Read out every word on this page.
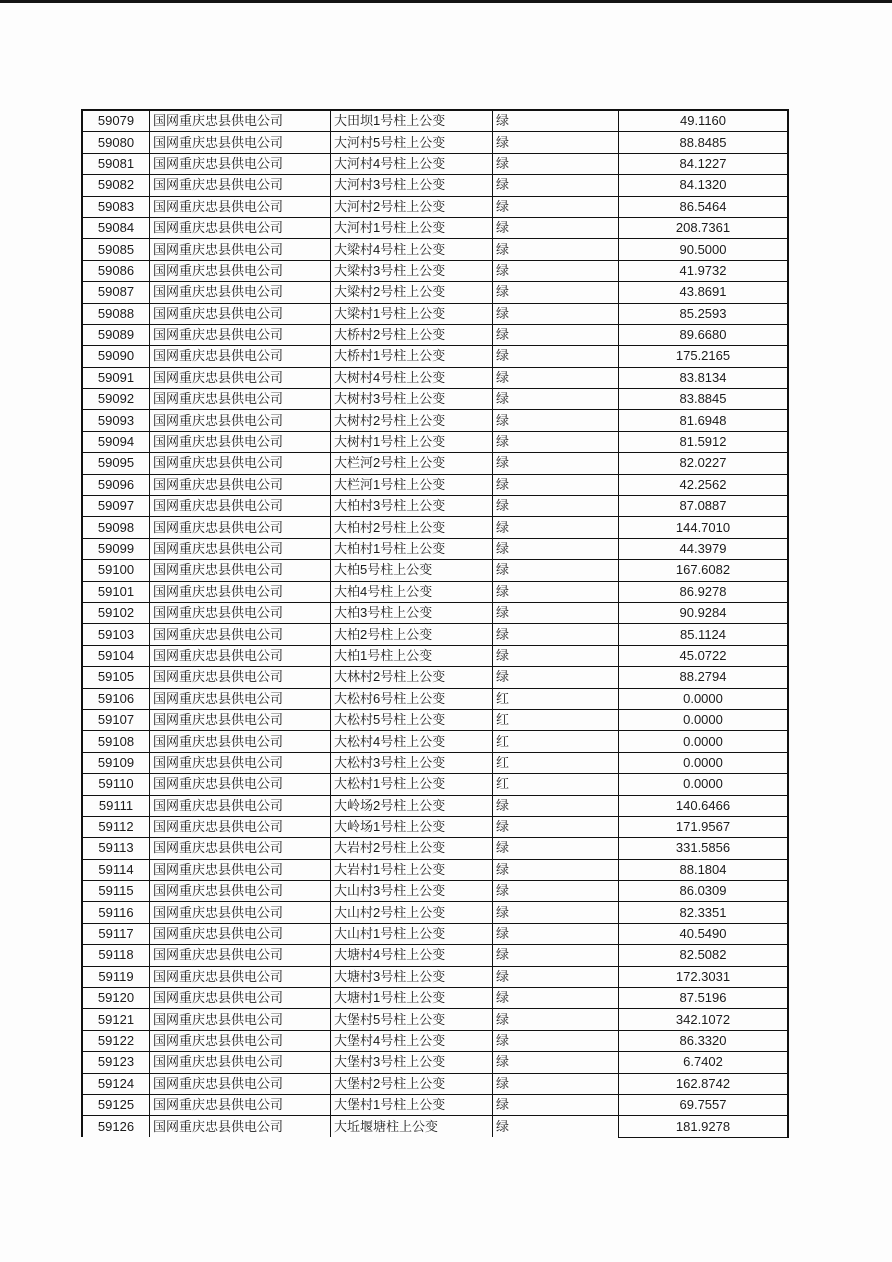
59079	国网重庆忠县供电公司	大田坝1号柱上公变	绿	49.1160
59080	国网重庆忠县供电公司	大河村5号柱上公变	绿	88.8485
59081	国网重庆忠县供电公司	大河村4号柱上公变	绿	84.1227
59082	国网重庆忠县供电公司	大河村3号柱上公变	绿	84.1320
59083	国网重庆忠县供电公司	大河村2号柱上公变	绿	86.5464
59084	国网重庆忠县供电公司	大河村1号柱上公变	绿	208.7361
59085	国网重庆忠县供电公司	大梁村4号柱上公变	绿	90.5000
59086	国网重庆忠县供电公司	大梁村3号柱上公变	绿	41.9732
59087	国网重庆忠县供电公司	大梁村2号柱上公变	绿	43.8691
59088	国网重庆忠县供电公司	大梁村1号柱上公变	绿	85.2593
59089	国网重庆忠县供电公司	大桥村2号柱上公变	绿	89.6680
59090	国网重庆忠县供电公司	大桥村1号柱上公变	绿	175.2165
59091	国网重庆忠县供电公司	大树村4号柱上公变	绿	83.8134
59092	国网重庆忠县供电公司	大树村3号柱上公变	绿	83.8845
59093	国网重庆忠县供电公司	大树村2号柱上公变	绿	81.6948
59094	国网重庆忠县供电公司	大树村1号柱上公变	绿	81.5912
59095	国网重庆忠县供电公司	大栏河2号柱上公变	绿	82.0227
59096	国网重庆忠县供电公司	大栏河1号柱上公变	绿	42.2562
59097	国网重庆忠县供电公司	大柏村3号柱上公变	绿	87.0887
59098	国网重庆忠县供电公司	大柏村2号柱上公变	绿	144.7010
59099	国网重庆忠县供电公司	大柏村1号柱上公变	绿	44.3979
59100	国网重庆忠县供电公司	大柏5号柱上公变	绿	167.6082
59101	国网重庆忠县供电公司	大柏4号柱上公变	绿	86.9278
59102	国网重庆忠县供电公司	大柏3号柱上公变	绿	90.9284
59103	国网重庆忠县供电公司	大柏2号柱上公变	绿	85.1124
59104	国网重庆忠县供电公司	大柏1号柱上公变	绿	45.0722
59105	国网重庆忠县供电公司	大林村2号柱上公变	绿	88.2794
59106	国网重庆忠县供电公司	大松村6号柱上公变	红	0.0000
59107	国网重庆忠县供电公司	大松村5号柱上公变	红	0.0000
59108	国网重庆忠县供电公司	大松村4号柱上公变	红	0.0000
59109	国网重庆忠县供电公司	大松村3号柱上公变	红	0.0000
59110	国网重庆忠县供电公司	大松村1号柱上公变	红	0.0000
59111	国网重庆忠县供电公司	大岭场2号柱上公变	绿	140.6466
59112	国网重庆忠县供电公司	大岭场1号柱上公变	绿	171.9567
59113	国网重庆忠县供电公司	大岩村2号柱上公变	绿	331.5856
59114	国网重庆忠县供电公司	大岩村1号柱上公变	绿	88.1804
59115	国网重庆忠县供电公司	大山村3号柱上公变	绿	86.0309
59116	国网重庆忠县供电公司	大山村2号柱上公变	绿	82.3351
59117	国网重庆忠县供电公司	大山村1号柱上公变	绿	40.5490
59118	国网重庆忠县供电公司	大塘村4号柱上公变	绿	82.5082
59119	国网重庆忠县供电公司	大塘村3号柱上公变	绿	172.3031
59120	国网重庆忠县供电公司	大塘村1号柱上公变	绿	87.5196
59121	国网重庆忠县供电公司	大堡村5号柱上公变	绿	342.1072
59122	国网重庆忠县供电公司	大堡村4号柱上公变	绿	86.3320
59123	国网重庆忠县供电公司	大堡村3号柱上公变	绿	6.7402
59124	国网重庆忠县供电公司	大堡村2号柱上公变	绿	162.8742
59125	国网重庆忠县供电公司	大堡村1号柱上公变	绿	69.7557
59126	国网重庆忠县供电公司	大坵堰塘柱上公变	绿	181.9278
